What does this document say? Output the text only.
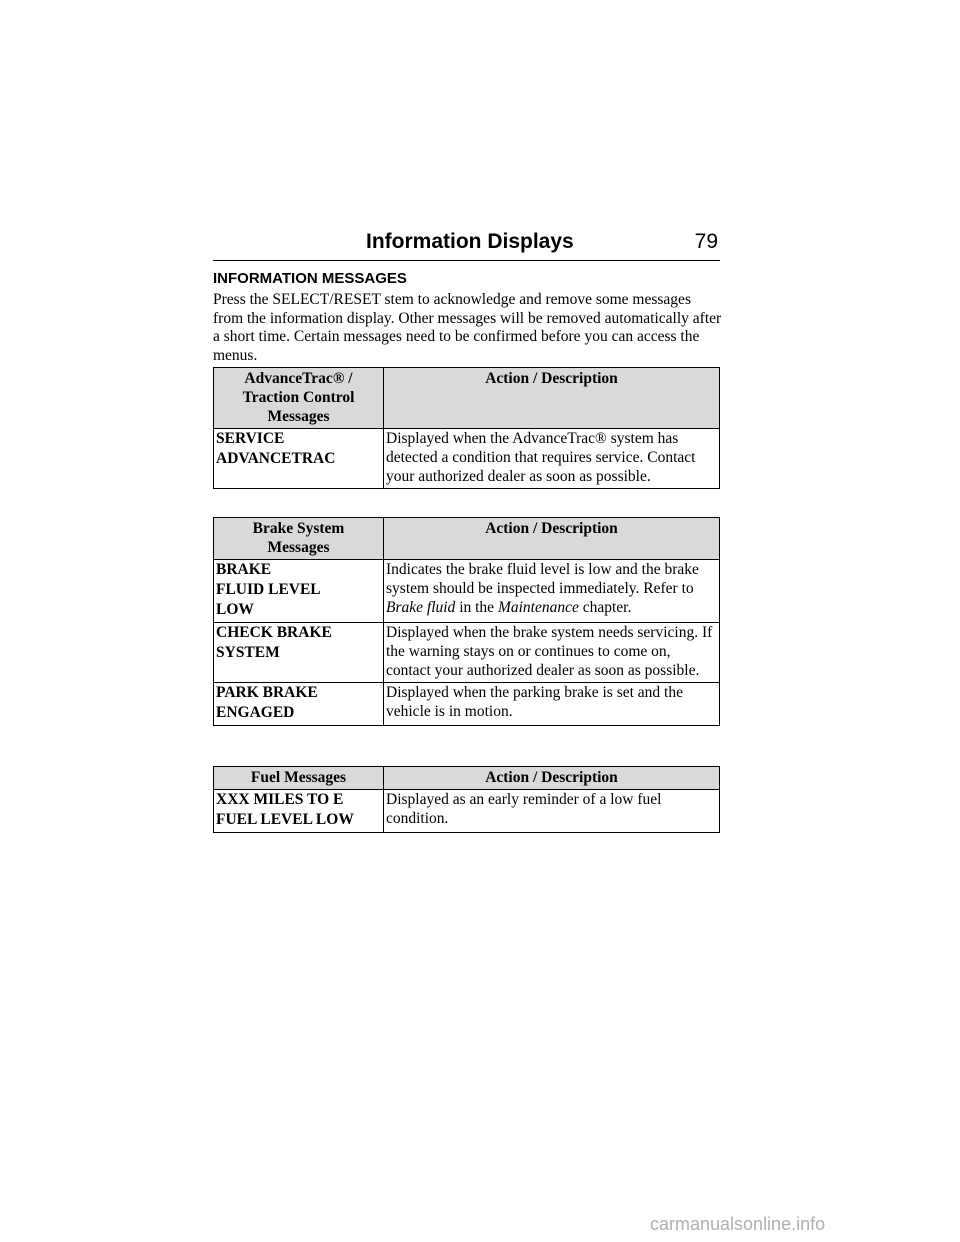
Information Displays	79
INFORMATION MESSAGES

Press the SELECT/RESET stem to acknowledge and remove some messages from the information display. Other messages will be removed automatically after a short time. Certain messages need to be confirmed before you can access the menus.

AdvanceTrac® / Traction Control Messages	Action / Description
SERVICE ADVANCETRAC	Displayed when the AdvanceTrac® system has detected a condition that requires service. Contact your authorized dealer as soon as possible.
Brake System Messages	Action / Description
BRAKE FLUID LEVEL LOW	Indicates the brake fluid level is low and the brake system should be inspected immediately. Refer to Brake fluid in the Maintenance chapter.
CHECK BRAKE SYSTEM	Displayed when the brake system needs servicing. If the warning stays on or continues to come on, contact your authorized dealer as soon as possible.
PARK BRAKE ENGAGED	Displayed when the parking brake is set and the vehicle is in motion.
Fuel Messages	Action / Description
XXX MILES TO E FUEL LEVEL LOW	Displayed as an early reminder of a low fuel condition.
carmanualsonline.info
